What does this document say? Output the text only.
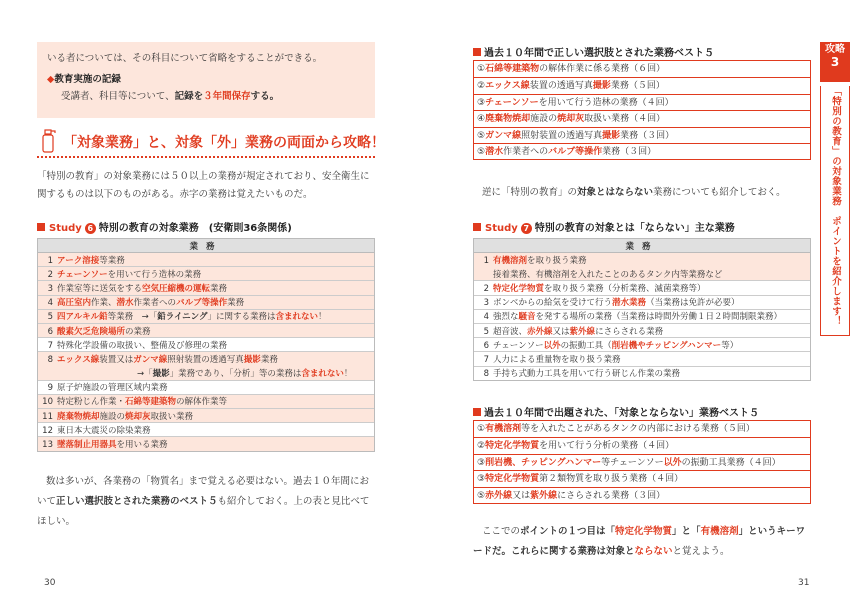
いる者については、その科目について省略をすることができる。
◆教育実施の記録
受講者、科目等について、記録を３年間保存する。
「対象業務」と、対象「外」業務の両面から攻略！
「特別の教育」の対象業務には５０以上の業務が規定されており、安全衛生に関するものは以下のものがある。赤字の業務は覚えたいものだ。
Study 6 特別の教育の対象業務　(安衛則36条関係)
業務
1 アーク溶接等業務
2 チェーンソーを用いて行う造林の業務
3 作業室等に送気をする空気圧縮機の運転業務
4 高圧室内作業、潜水作業者へのバルブ等操作業務
5 四アルキル鉛等業務　→「鉛ライニング」に関する業務は含まれない！
6 酸素欠乏危険場所の業務
7 特殊化学設備の取扱い、整備及び修理の業務
8 エックス線装置又はガンマ線照射装置の透過写真撮影業務
→「撮影」業務であり、「分析」等の業務は含まれない！
9 原子炉施設の管理区域内業務
10 特定粉じん作業・石綿等建築物の解体作業等
11 廃棄物焼却施設の焼却灰取扱い業務
12 東日本大震災の除染業務
13 墜落制止用器具を用いる業務
数は多いが、各業務の「物質名」まで覚える必要はない。過去１０年間において正しい選択肢とされた業務のベスト５も紹介しておく。上の表と見比べてほしい。
30
過去１０年間で正しい選択肢とされた業務ベスト５
①石綿等建築物の解体作業に係る業務（６回）
②エックス線装置の透過写真撮影業務（５回）
③チェーンソーを用いて行う造林の業務（４回）
④廃棄物焼却施設の焼却灰取扱い業務（４回）
⑤ガンマ線照射装置の透過写真撮影業務（３回）
⑤潜水作業者へのバルブ等操作業務（３回）
逆に「特別の教育」の対象とはならない業務についても紹介しておく。
Study 7 特別の教育の対象とは「ならない」主な業務
業務
1 有機溶剤を取り扱う業務
接着業務、有機溶剤を入れたことのあるタンク内等業務など
2 特定化学物質を取り扱う業務（分析業務、滅菌業務等）
3 ボンベからの給気を受けて行う潜水業務（当業務は免許が必要）
4 強烈な騒音を発する場所の業務（当業務は時間外労働１日２時間制限業務）
5 超音波、赤外線又は紫外線にさらされる業務
6 チェーンソー以外の振動工具（削岩機やチッピングハンマー等）
7 人力による重量物を取り扱う業務
8 手持ち式動力工具を用いて行う研じん作業の業務
過去１０年間で出題された、「対象とならない」業務ベスト５
①有機溶剤等を入れたことがあるタンクの内部における業務（５回）
②特定化学物質を用いて行う分析の業務（４回）
③削岩機、チッピングハンマー等チェーンソー以外の振動工具業務（４回）
③特定化学物質第２類物質を取り扱う業務（４回）
⑤赤外線又は紫外線にさらされる業務（３回）
ここでのポイントの１つ目は「特定化学物質」と「有機溶剤」というキーワードだ。これらに関する業務は対象とならないと覚えよう。
31
攻略
3
「特別の教育」の対象業務　ポイントを紹介します！
